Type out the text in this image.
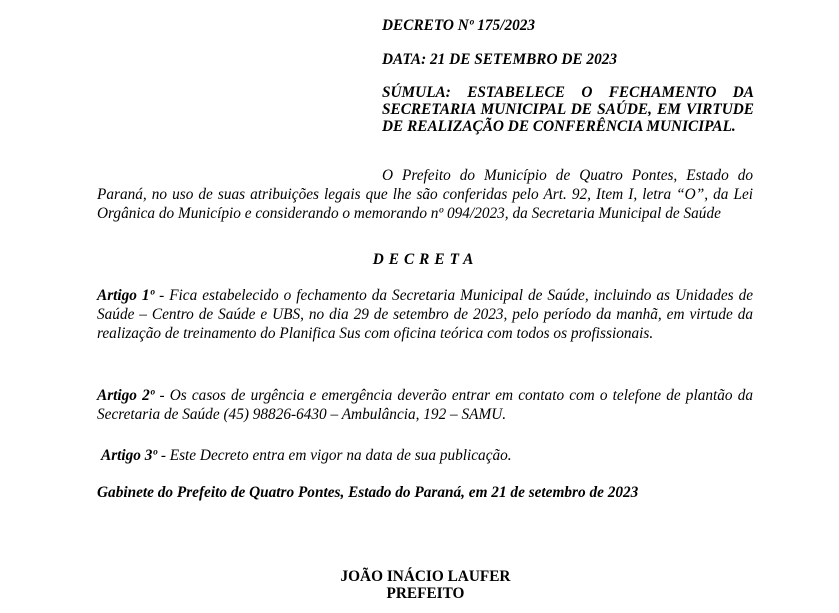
DECRETO Nº 175/2023

DATA: 21 DE SETEMBRO DE 2023

SÚMULA: ESTABELECE O FECHAMENTO DA SECRETARIA MUNICIPAL DE SAÚDE, EM VIRTUDE DE REALIZAÇÃO DE CONFERÊNCIA MUNICIPAL.

O Prefeito do Município de Quatro Pontes, Estado do Paraná, no uso de suas atribuições legais que lhe são conferidas pelo Art. 92, Item I, letra “O”, da Lei Orgânica do Município e considerando o memorando nº 094/2023, da Secretaria Municipal de Saúde

DECRETA

Artigo 1º - Fica estabelecido o fechamento da Secretaria Municipal de Saúde, incluindo as Unidades de Saúde – Centro de Saúde e UBS, no dia 29 de setembro de 2023, pelo período da manhã, em virtude da realização de treinamento do Planifica Sus com oficina teórica com todos os profissionais.

Artigo 2º - Os casos de urgência e emergência deverão entrar em contato com o telefone de plantão da Secretaria de Saúde (45) 98826-6430 – Ambulância, 192 – SAMU.

Artigo 3º - Este Decreto entra em vigor na data de sua publicação.

Gabinete do Prefeito de Quatro Pontes, Estado do Paraná, em 21 de setembro de 2023

JOÃO INÁCIO LAUFER

PREFEITO
